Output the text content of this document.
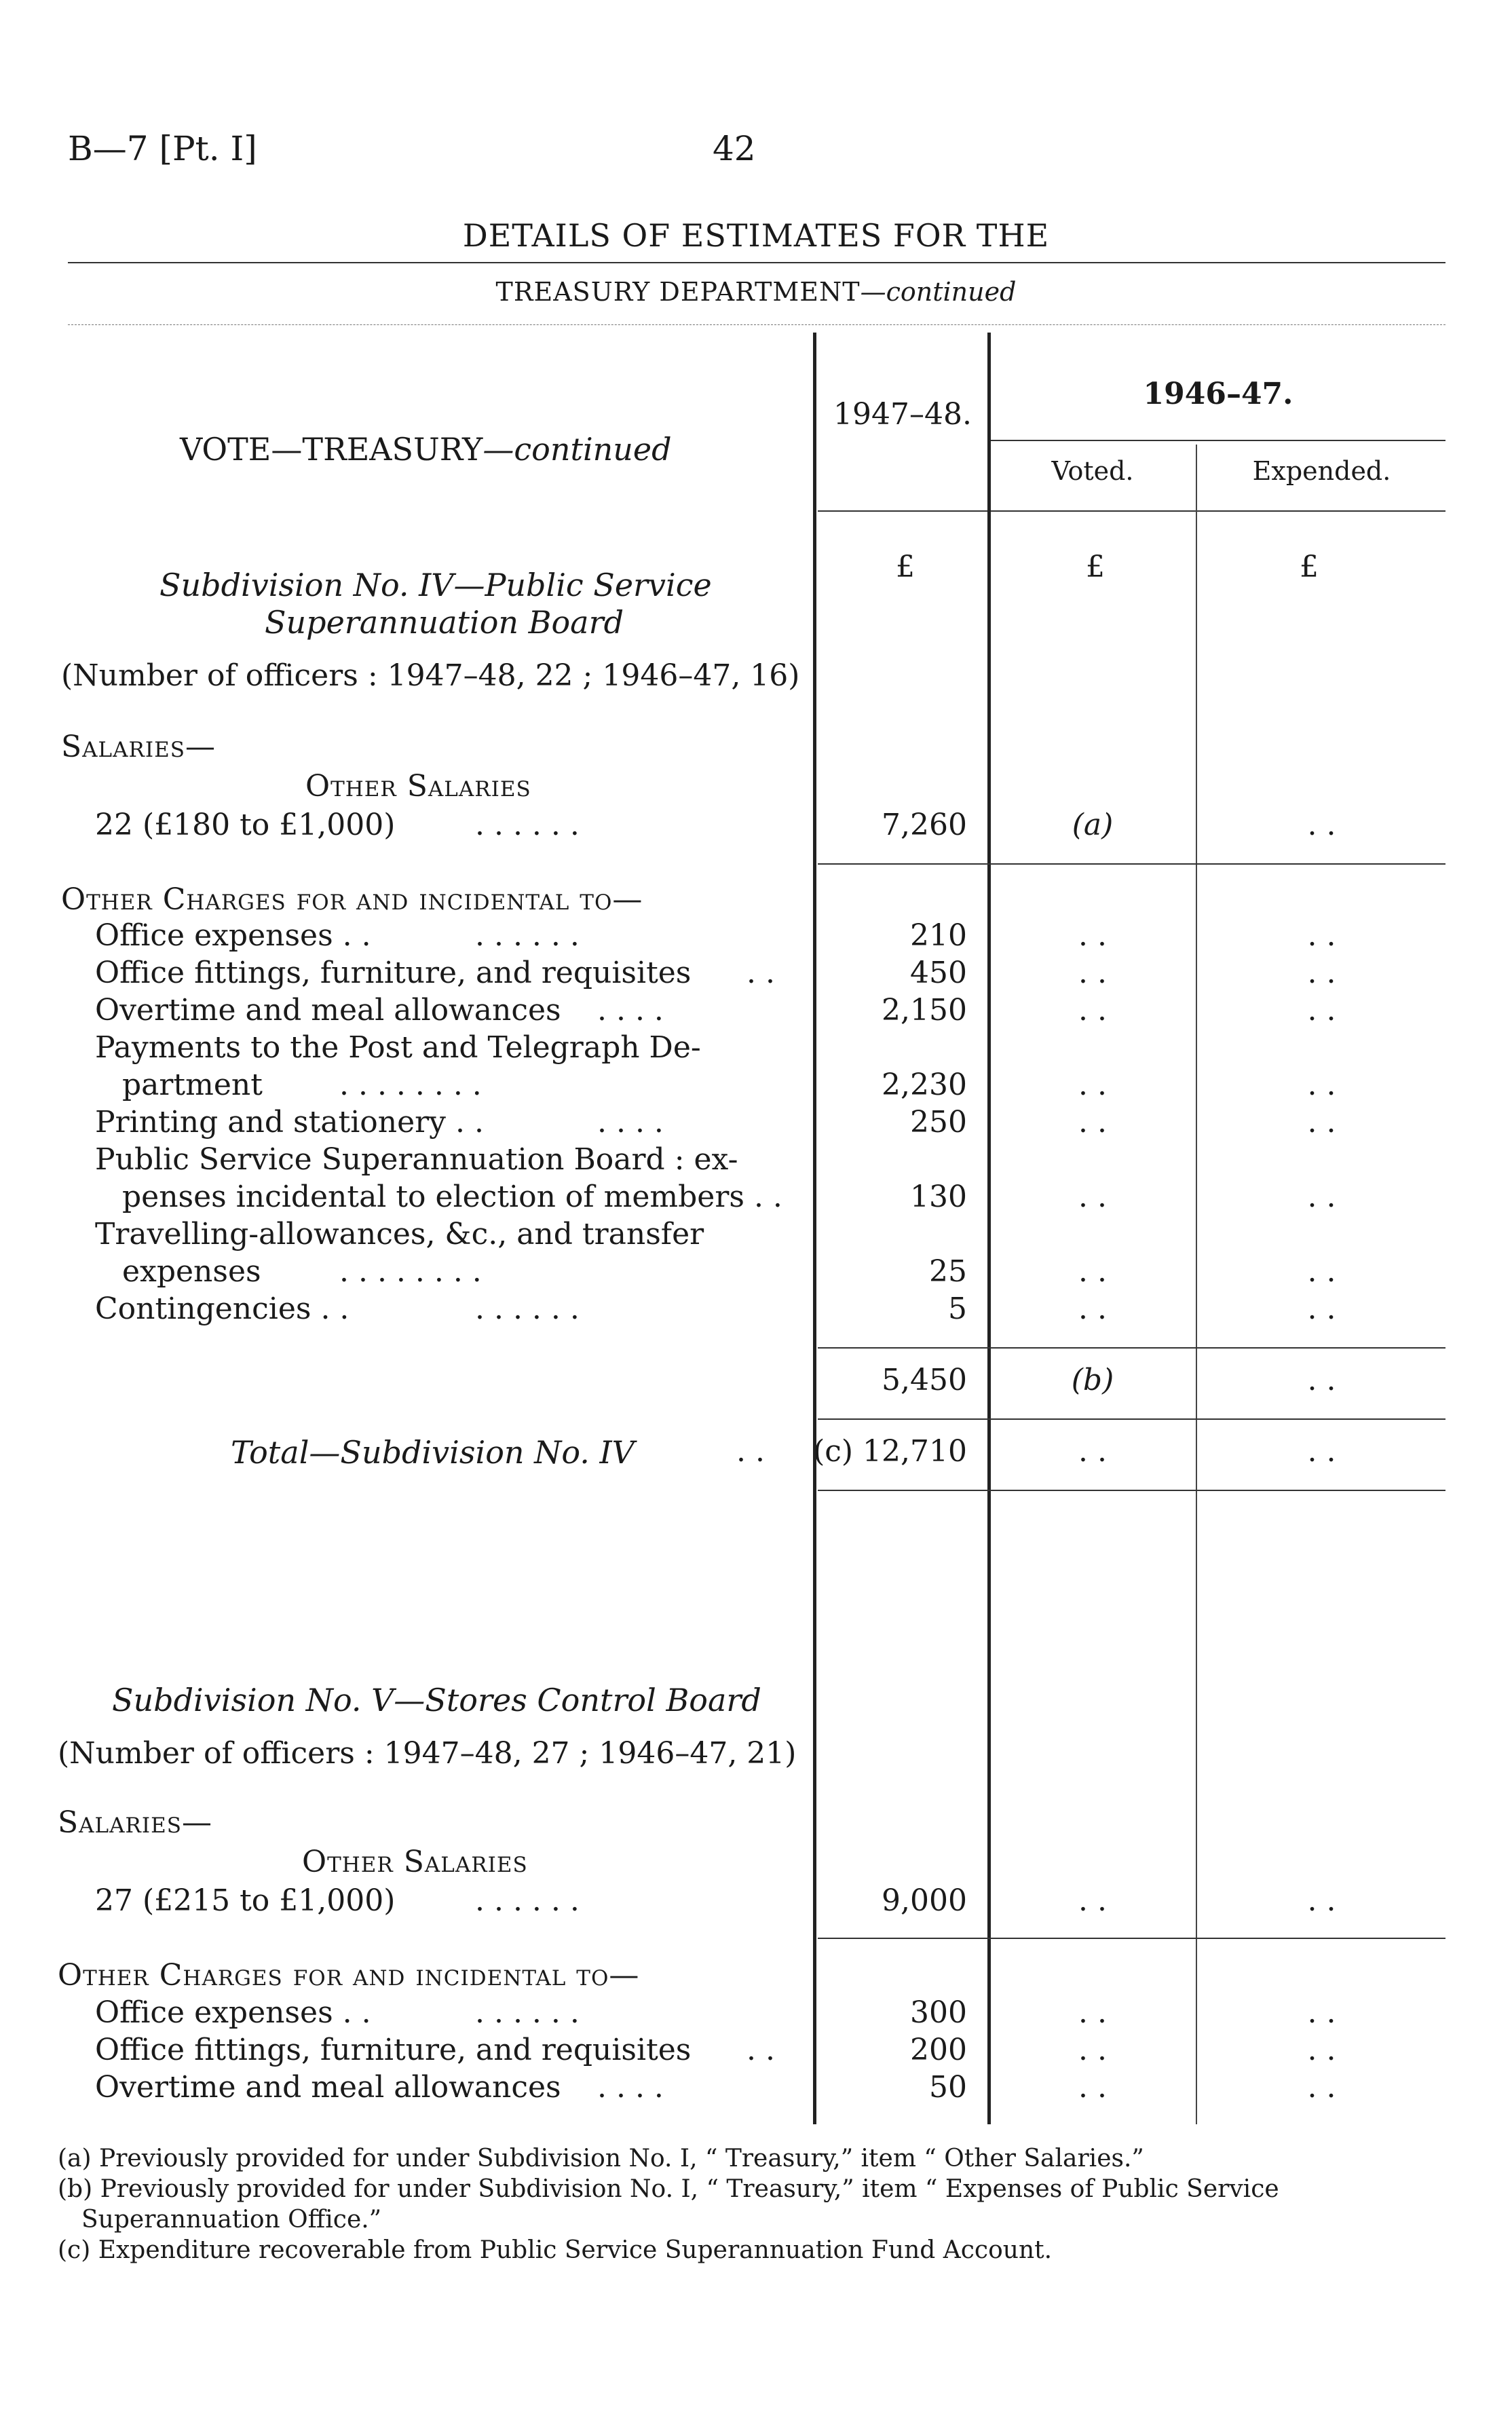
B—7 [Pt. I]	42
DETAILS OF ESTIMATES FOR THE
TREASURY DEPARTMENT—continued
VOTE—TREASURY—continued
1947–48.
1946–47.
Voted.	Expended.
£	£	£
Subdivision No. IV—Public Service
Superannuation Board
(Number of officers : 1947–48, 22 ; 1946–47, 16)
Salaries—
Other Salaries
22 (£180 to £1,000)	. . . . . .	7,260	(a)	. .
Other Charges for and incidental to—
Office expenses . .	. . . . . .	210	. .	. .
Office fittings, furniture, and requisites . .	450	. .	. .
Overtime and meal allowances . . . .	2,150	. .	. .
Payments to the Post and Telegraph De-
partment	. . . . . . . .	2,230	. .	. .
Printing and stationery . .	. . . .	250	. .	. .
Public Service Superannuation Board : ex-
penses incidental to election of members . .	130	. .	. .
Travelling-allowances, &c., and transfer
expenses	. . . . . . . .	25	. .	. .
Contingencies . .	. . . . . .	5	. .	. .
5,450	(b)	. .
Total—Subdivision No. IV	. .	(c) 12,710	. .	. .
Subdivision No. V—Stores Control Board
(Number of officers : 1947–48, 27 ; 1946–47, 21)
Salaries—
Other Salaries
27 (£215 to £1,000)	. . . . . .	9,000	. .	. .
Other Charges for and incidental to—
Office expenses . .	. . . . . .	300	. .	. .
Office fittings, furniture, and requisites . .	200	. .	. .
Overtime and meal allowances . . . .	50	. .	. .
(a) Previously provided for under Subdivision No. I, “ Treasury,” item “ Other Salaries.”
(b) Previously provided for under Subdivision No. I, “ Treasury,” item “ Expenses of Public Service
Superannuation Office.”
(c) Expenditure recoverable from Public Service Superannuation Fund Account.
